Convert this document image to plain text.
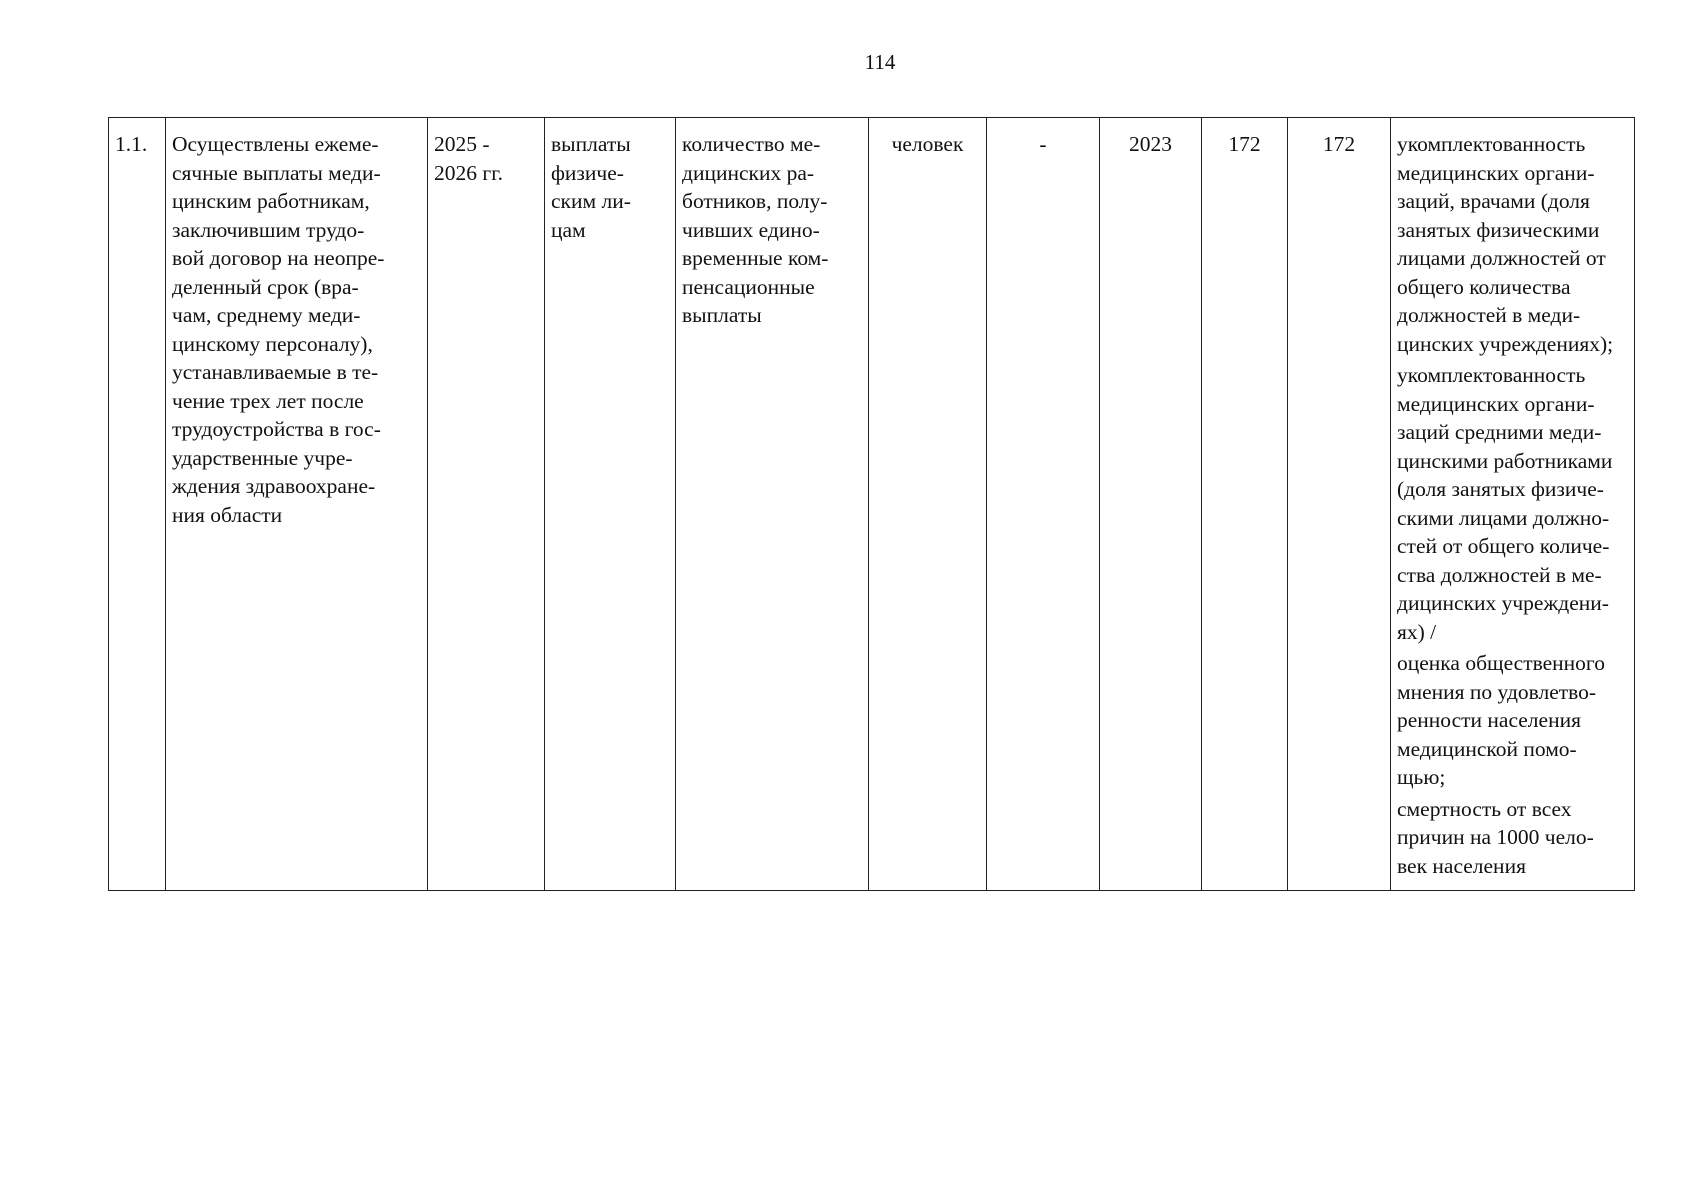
114
1.1.	Осуществлены ежеме-
сячные выплаты меди-
цинским работникам,
заключившим трудо-
вой договор на неопре-
деленный срок (вра-
чам, среднему меди-
цинскому персоналу),
устанавливаемые в те-
чение трех лет после
трудоустройства в гос-
ударственные учре-
ждения здравоохране-
ния области	2025 -
2026 гг.	выплаты
физиче-
ским ли-
цам	количество ме-
дицинских ра-
ботников, полу-
чивших едино-
временные ком-
пенсационные
выплаты	человек	-	2023	172	172	укомплектованность
медицинских органи-
заций, врачами (доля
занятых физическими
лицами должностей от
общего количества
должностей в меди-
цинских учреждениях);
укомплектованность
медицинских органи-
заций средними меди-
цинскими работниками
(доля занятых физиче-
скими лицами должно-
стей от общего количе-
ства должностей в ме-
дицинских учреждени-
ях) /
оценка общественного
мнения по удовлетво-
ренности населения
медицинской помо-
щью;
смертность от всех
причин на 1000 чело-
век населения
